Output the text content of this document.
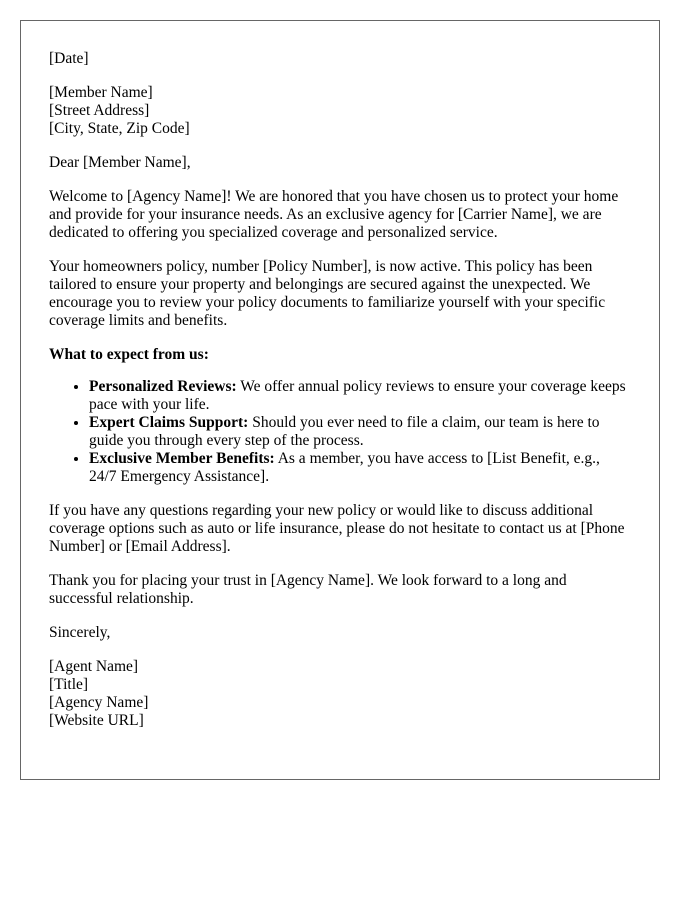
[Date]
[Member Name]
[Street Address]
[City, State, Zip Code]

Dear [Member Name],

Welcome to [Agency Name]! We are honored that you have chosen us to protect your home and provide for your insurance needs. As an exclusive agency for [Carrier Name], we are dedicated to offering you specialized coverage and personalized service.

Your homeowners policy, number [Policy Number], is now active. This policy has been tailored to ensure your property and belongings are secured against the unexpected. We encourage you to review your policy documents to familiarize yourself with your specific coverage limits and benefits.

What to expect from us:

• Personalized Reviews: We offer annual policy reviews to ensure your coverage keeps pace with your life.
• Expert Claims Support: Should you ever need to file a claim, our team is here to guide you through every step of the process.
• Exclusive Member Benefits: As a member, you have access to [List Benefit, e.g., 24/7 Emergency Assistance].

If you have any questions regarding your new policy or would like to discuss additional coverage options such as auto or life insurance, please do not hesitate to contact us at [Phone Number] or [Email Address].

Thank you for placing your trust in [Agency Name]. We look forward to a long and successful relationship.

Sincerely,

[Agent Name]
[Title]
[Agency Name]
[Website URL]
